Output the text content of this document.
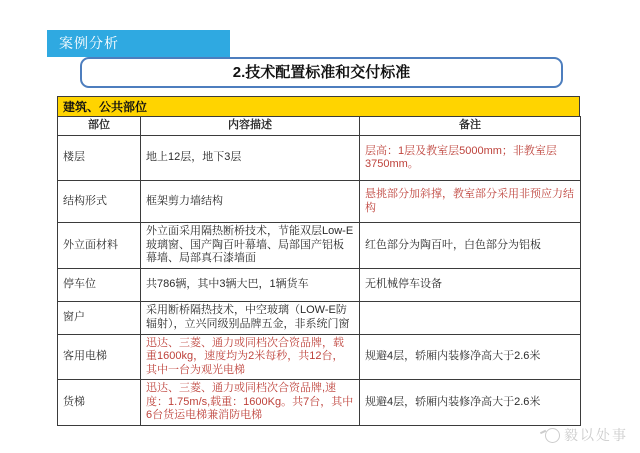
案例分析
2.技术配置标准和交付标准
建筑、公共部位
部位	内容描述	备注
楼层	地上12层，地下3层	层高：1层及教室层5000mm；非教室层3750mm。
结构形式	框架剪力墙结构	悬挑部分加斜撑，教室部分采用非预应力结构
外立面材料	外立面采用隔热断桥技术，节能双层Low-E玻璃窗、国产陶百叶幕墙、局部国产铝板幕墙、局部真石漆墙面	红色部分为陶百叶，白色部分为铝板
停车位	共786辆，其中3辆大巴，1辆货车	无机械停车设备
窗户	采用断桥隔热技术，中空玻璃（LOW-E防辐射），立兴同级别品牌五金，非系统门窗	
客用电梯	迅达、三菱、通力或同档次合资品牌，载重1600kg，速度均为2米每秒，共12台，其中一台为观光电梯	规避4层，轿厢内装修净高大于2.6米
货梯	迅达、三菱、通力或同档次合资品牌,速度：1.75m/s,载重：1600Kg。共7台，其中6台货运电梯兼消防电梯	规避4层，轿厢内装修净高大于2.6米
毅以处事
